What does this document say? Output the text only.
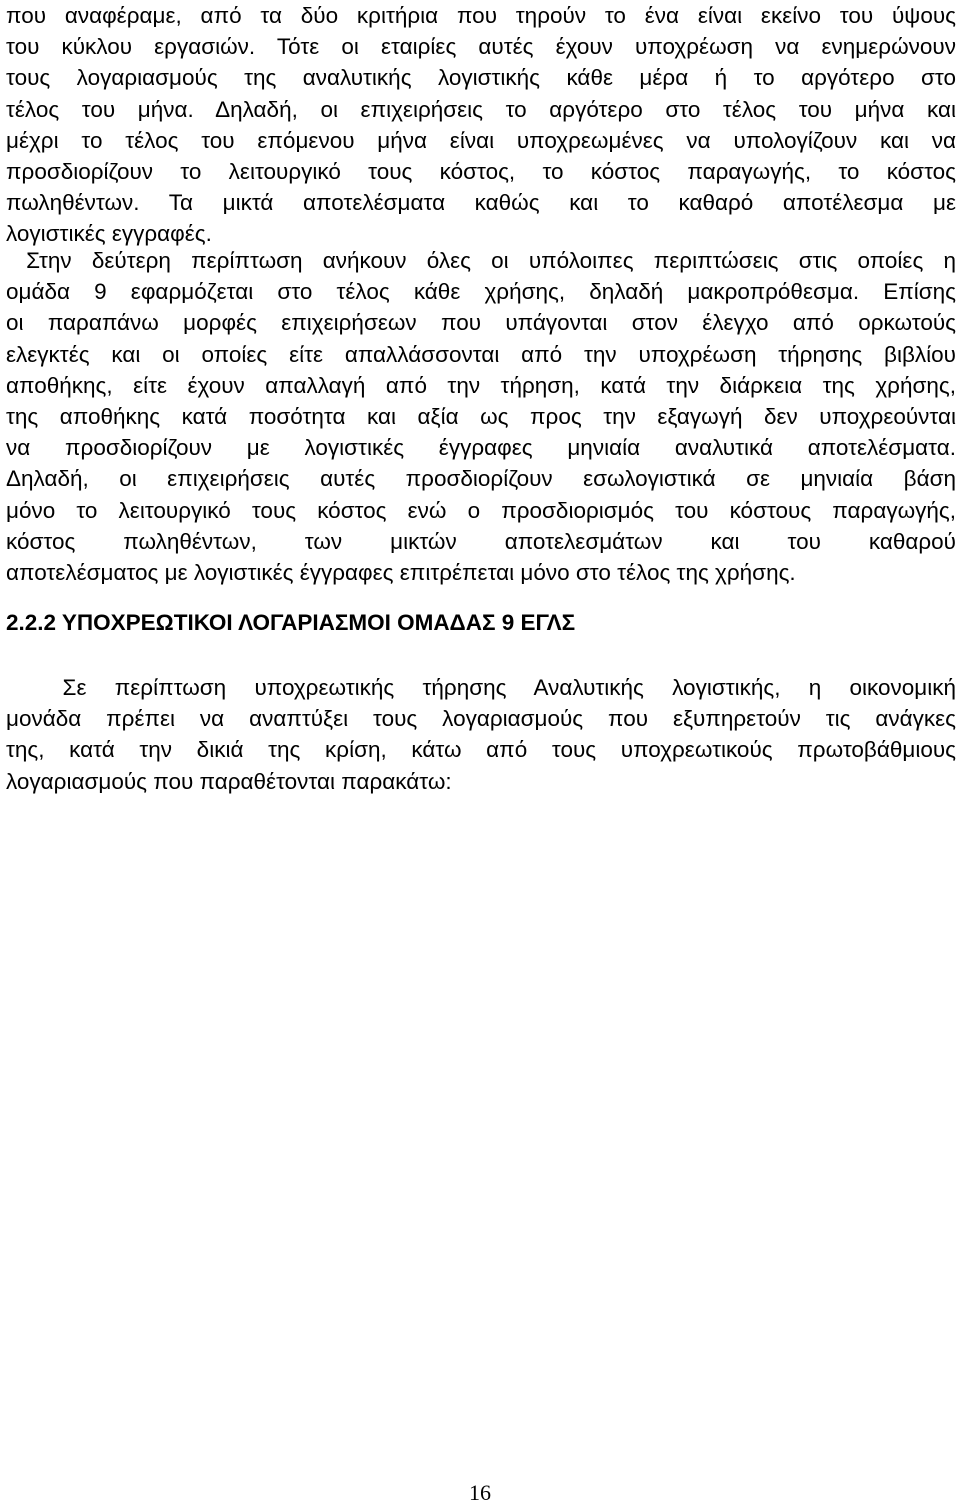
που αναφέραμε, από τα δύο κριτήρια που τηρούν το ένα είναι εκείνο του ύψους
του κύκλου εργασιών. Τότε οι εταιρίες αυτές έχουν υποχρέωση να ενημερώνουν
τους λογαριασμούς της αναλυτικής λογιστικής κάθε μέρα ή το αργότερο στο
τέλος του μήνα. Δηλαδή, οι επιχειρήσεις το αργότερο στο τέλος του μήνα και
μέχρι το τέλος του επόμενου μήνα είναι υποχρεωμένες να υπολογίζουν και να
προσδιορίζουν το λειτουργικό τους κόστος, το κόστος παραγωγής, το κόστος
πωληθέντων. Τα μικτά αποτελέσματα καθώς και το καθαρό αποτέλεσμα με
λογιστικές εγγραφές.
Στην δεύτερη περίπτωση ανήκουν όλες οι υπόλοιπες περιπτώσεις στις οποίες η
ομάδα 9 εφαρμόζεται στο τέλος κάθε χρήσης, δηλαδή μακροπρόθεσμα. Επίσης
οι παραπάνω μορφές επιχειρήσεων που υπάγονται στον έλεγχο από ορκωτούς
ελεγκτές και οι οποίες είτε απαλλάσσονται από την υποχρέωση τήρησης βιβλίου
αποθήκης, είτε έχουν απαλλαγή από την τήρηση, κατά την διάρκεια της χρήσης,
της αποθήκης κατά ποσότητα και αξία ως προς την εξαγωγή δεν υποχρεούνται
να προσδιορίζουν με λογιστικές έγγραφες μηνιαία αναλυτικά αποτελέσματα.
Δηλαδή, οι επιχειρήσεις αυτές προσδιορίζουν εσωλογιστικά σε μηνιαία βάση
μόνο το λειτουργικό τους κόστος ενώ ο προσδιορισμός του κόστους παραγωγής,
κόστος πωληθέντων, των μικτών αποτελεσμάτων και του καθαρού
αποτελέσματος με λογιστικές έγγραφες επιτρέπεται μόνο στο τέλος της χρήσης.
2.2.2 ΥΠΟΧΡΕΩΤΙΚΟΙ ΛΟΓΑΡΙΑΣΜΟΙ ΟΜΑΔΑΣ 9 ΕΓΛΣ
Σε περίπτωση υποχρεωτικής τήρησης Αναλυτικής λογιστικής, η οικονομική
μονάδα πρέπει να αναπτύξει τους λογαριασμούς που εξυπηρετούν τις ανάγκες
της, κατά την δικιά της κρίση, κάτω από τους υποχρεωτικούς πρωτοβάθμιους
λογαριασμούς που παραθέτονται παρακάτω:
16
